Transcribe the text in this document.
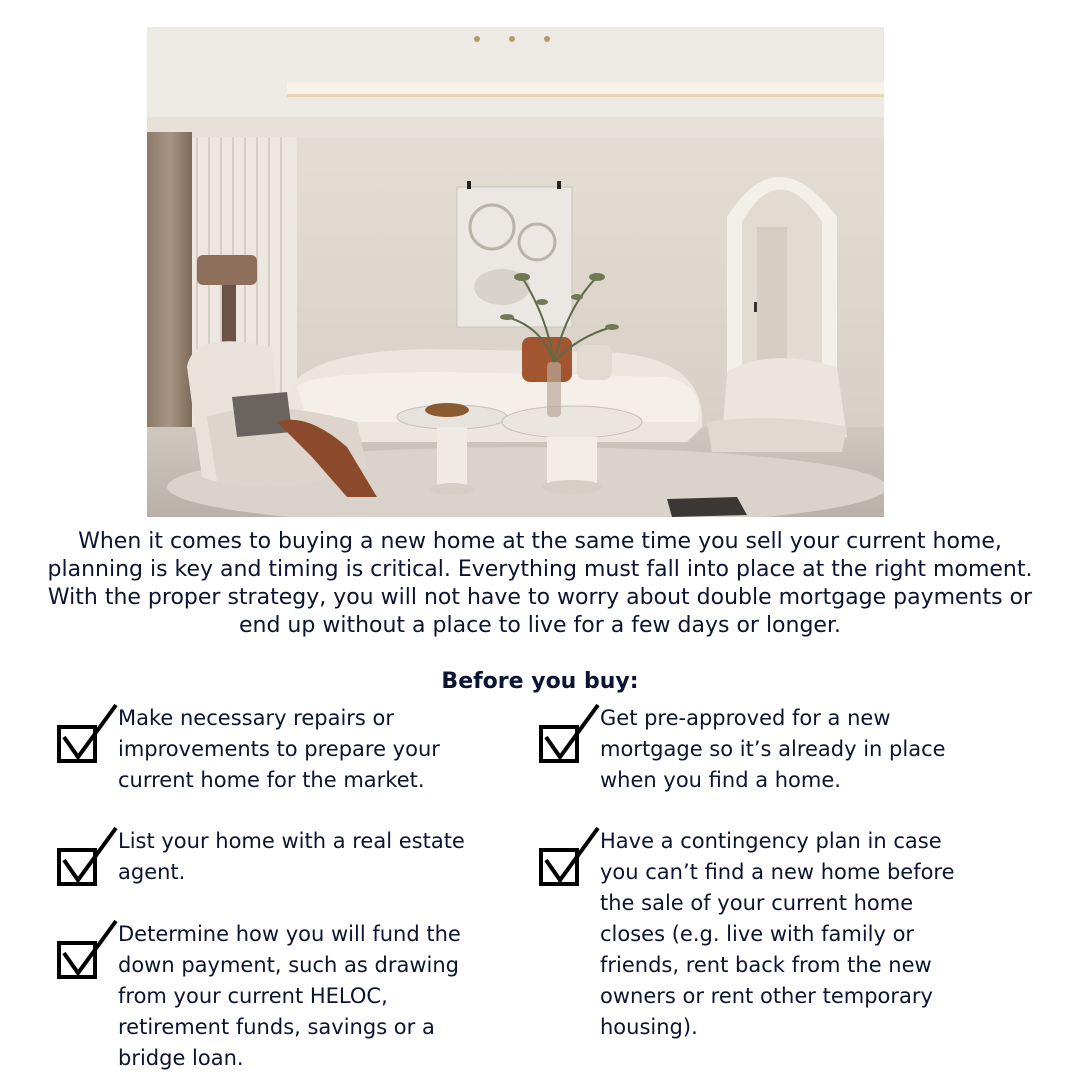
When it comes to buying a new home at the same time you sell your current home, planning is key and timing is critical. Everything must fall into place at the right moment. With the proper strategy, you will not have to worry about double mortgage payments or end up without a place to live for a few days or longer.

Before you buy:
Make necessary repairs or improvements to prepare your current home for the market.
List your home with a real estate agent.
Determine how you will fund the down payment, such as drawing from your current HELOC, retirement funds, savings or a bridge loan.
Get pre-approved for a new mortgage so it’s already in place when you find a home.
Have a contingency plan in case you can’t find a new home before the sale of your current home closes (e.g. live with family or friends, rent back from the new owners or rent other temporary housing).
